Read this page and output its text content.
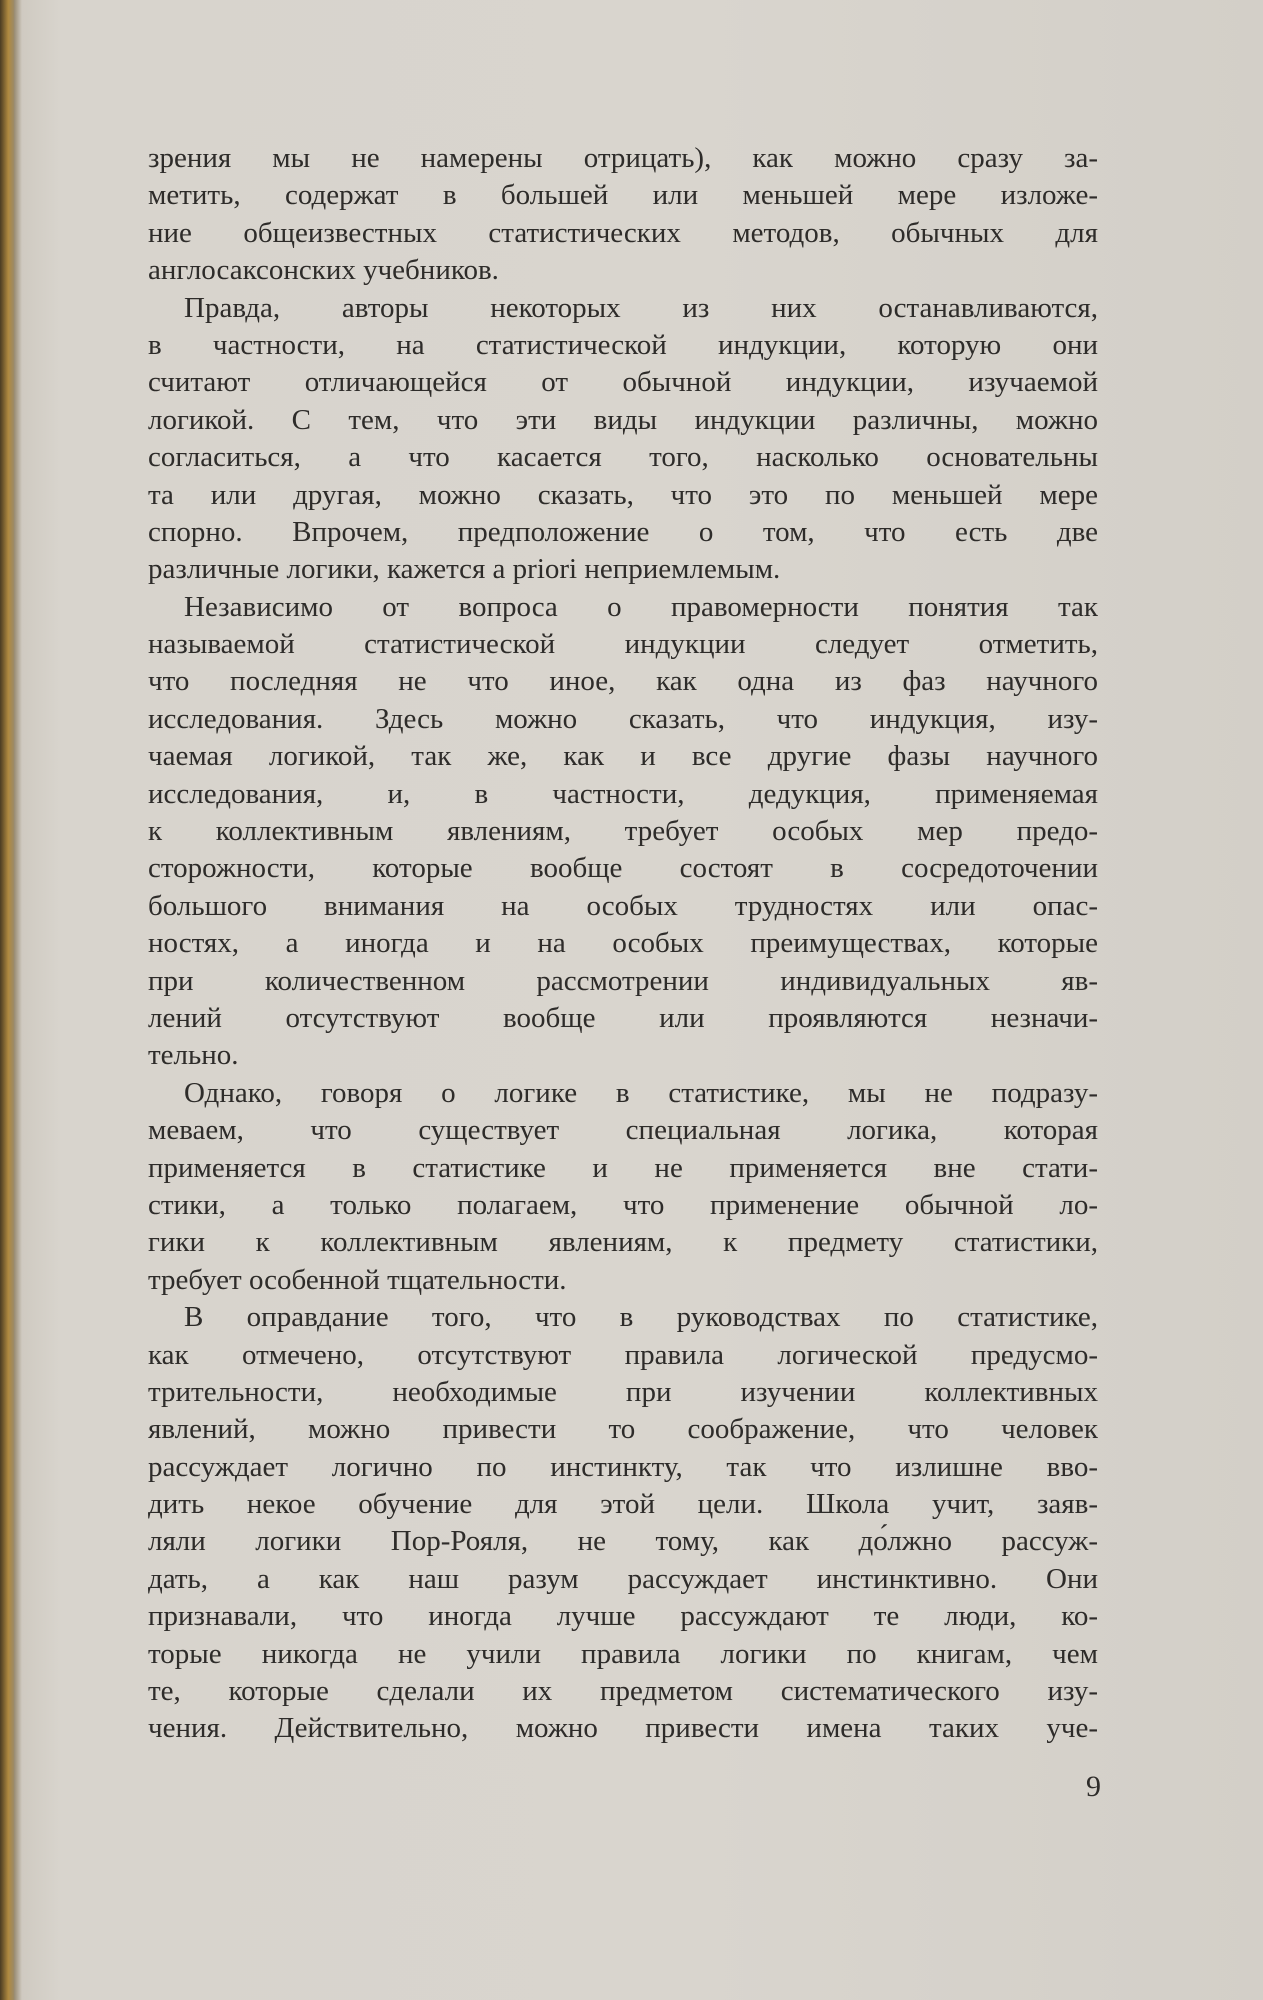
зрения мы не намерены отрицать), как можно сразу за-
метить, содержат в большей или меньшей мере изложе-
ние общеизвестных статистических методов, обычных для
англосаксонских учебников.
Правда, авторы некоторых из них останавливаются,
в частности, на статистической индукции, которую они
считают отличающейся от обычной индукции, изучаемой
логикой. С тем, что эти виды индукции различны, можно
согласиться, а что касается того, насколько основательны
та или другая, можно сказать, что это по меньшей мере
спорно. Впрочем, предположение о том, что есть две
различные логики, кажется a priori неприемлемым.
Независимо от вопроса о правомерности понятия так
называемой статистической индукции следует отметить,
что последняя не что иное, как одна из фаз научного
исследования. Здесь можно сказать, что индукция, изу-
чаемая логикой, так же, как и все другие фазы научного
исследования, и, в частности, дедукция, применяемая
к коллективным явлениям, требует особых мер предо-
сторожности, которые вообще состоят в сосредоточении
большого внимания на особых трудностях или опас-
ностях, а иногда и на особых преимуществах, которые
при количественном рассмотрении индивидуальных яв-
лений отсутствуют вообще или проявляются незначи-
тельно.
Однако, говоря о логике в статистике, мы не подразу-
меваем, что существует специальная логика, которая
применяется в статистике и не применяется вне стати-
стики, а только полагаем, что применение обычной ло-
гики к коллективным явлениям, к предмету статистики,
требует особенной тщательности.
В оправдание того, что в руководствах по статистике,
как отмечено, отсутствуют правила логической предусмо-
трительности, необходимые при изучении коллективных
явлений, можно привести то соображение, что человек
рассуждает логично по инстинкту, так что излишне вво-
дить некое обучение для этой цели. Школа учит, заяв-
ляли логики Пор-Рояля, не тому, как до́лжно рассуж-
дать, а как наш разум рассуждает инстинктивно. Они
признавали, что иногда лучше рассуждают те люди, ко-
торые никогда не учили правила логики по книгам, чем
те, которые сделали их предметом систематического изу-
чения. Действительно, можно привести имена таких уче-
9
